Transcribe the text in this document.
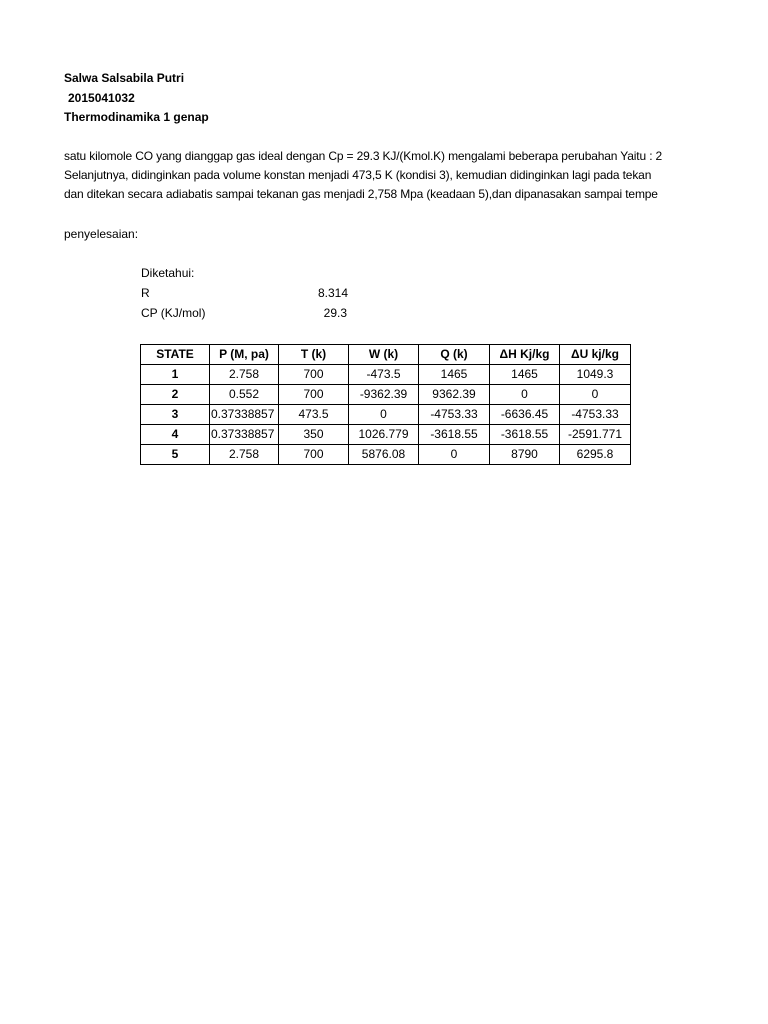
Salwa Salsabila Putri
2015041032
Thermodinamika 1 genap
satu kilomole CO yang dianggap gas ideal dengan Cp = 29.3 KJ/(Kmol.K) mengalami beberapa perubahan Yaitu : 2
Selanjutnya, didinginkan pada volume konstan menjadi 473,5 K (kondisi 3), kemudian didinginkan lagi pada tekan
dan ditekan secara adiabatis sampai tekanan gas menjadi 2,758 Mpa (keadaan 5),dan dipanasakan sampai tempe
penyelesaian:
Diketahui:
R	8.314
CP (KJ/mol)	29.3
STATE	P (M, pa)	T (k)	W (k)	Q (k)	ΔH Kj/kg	ΔU kj/kg
1	2.758	700	-473.5	1465	1465	1049.3
2	0.552	700	-9362.39	9362.39	0	0
3	0.37338857	473.5	0	-4753.33	-6636.45	-4753.33
4	0.37338857	350	1026.779	-3618.55	-3618.55	-2591.771
5	2.758	700	5876.08	0	8790	6295.8
